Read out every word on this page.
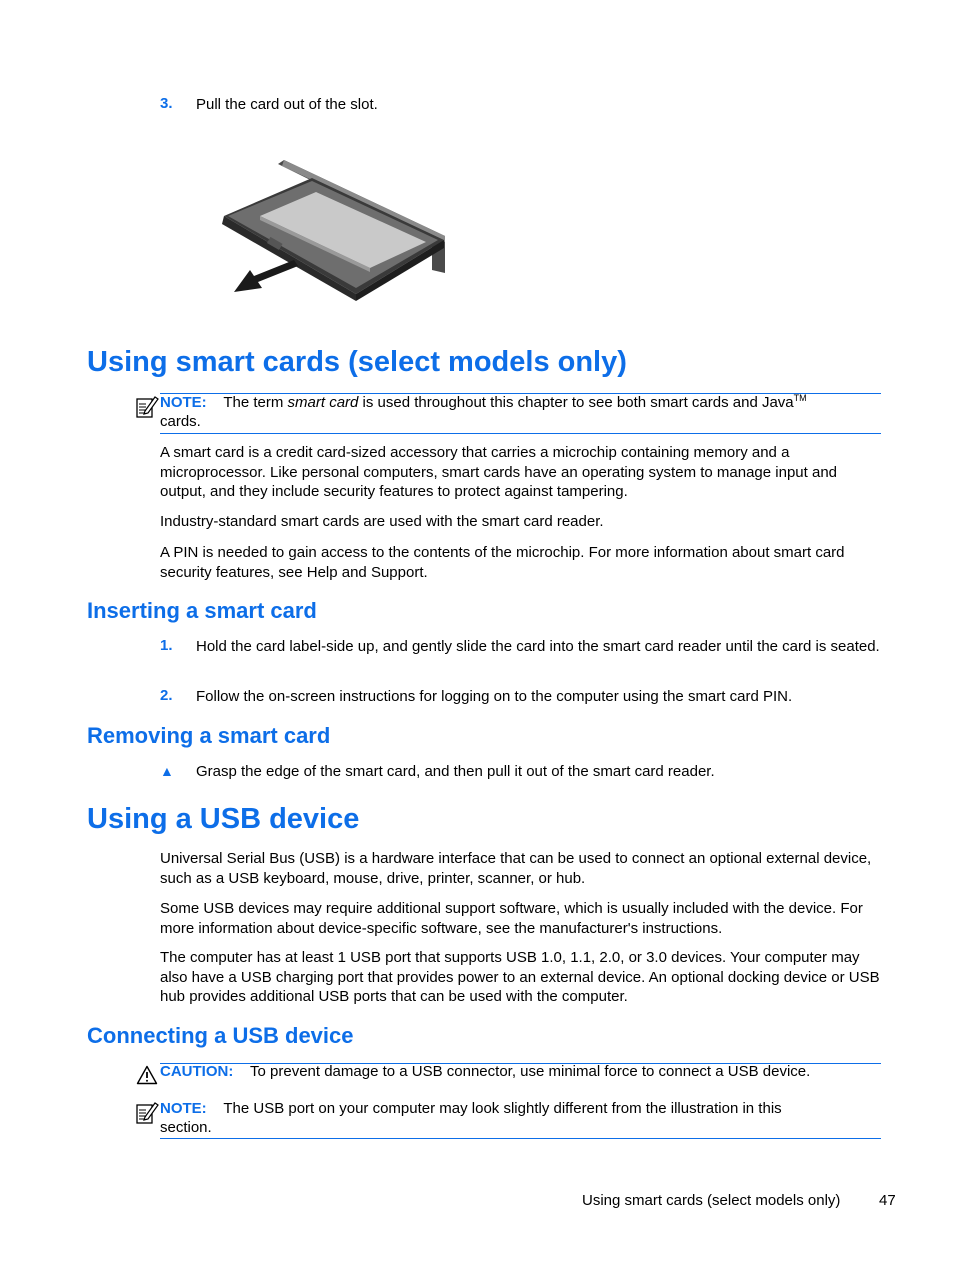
3. Pull the card out of the slot.
Using smart cards (select models only)
NOTE: The term smart card is used throughout this chapter to see both smart cards and Java™
cards.
A smart card is a credit card-sized accessory that carries a microchip containing memory and a microprocessor. Like personal computers, smart cards have an operating system to manage input and output, and they include security features to protect against tampering.
Industry-standard smart cards are used with the smart card reader.
A PIN is needed to gain access to the contents of the microchip. For more information about smart card security features, see Help and Support.
Inserting a smart card
1. Hold the card label-side up, and gently slide the card into the smart card reader until the card is seated.
2. Follow the on-screen instructions for logging on to the computer using the smart card PIN.
Removing a smart card
▲ Grasp the edge of the smart card, and then pull it out of the smart card reader.
Using a USB device
Universal Serial Bus (USB) is a hardware interface that can be used to connect an optional external device, such as a USB keyboard, mouse, drive, printer, scanner, or hub.
Some USB devices may require additional support software, which is usually included with the device. For more information about device-specific software, see the manufacturer's instructions.
The computer has at least 1 USB port that supports USB 1.0, 1.1, 2.0, or 3.0 devices. Your computer may also have a USB charging port that provides power to an external device. An optional docking device or USB hub provides additional USB ports that can be used with the computer.
Connecting a USB device
CAUTION: To prevent damage to a USB connector, use minimal force to connect a USB device.
NOTE: The USB port on your computer may look slightly different from the illustration in this
section.
Using smart cards (select models only)	47
